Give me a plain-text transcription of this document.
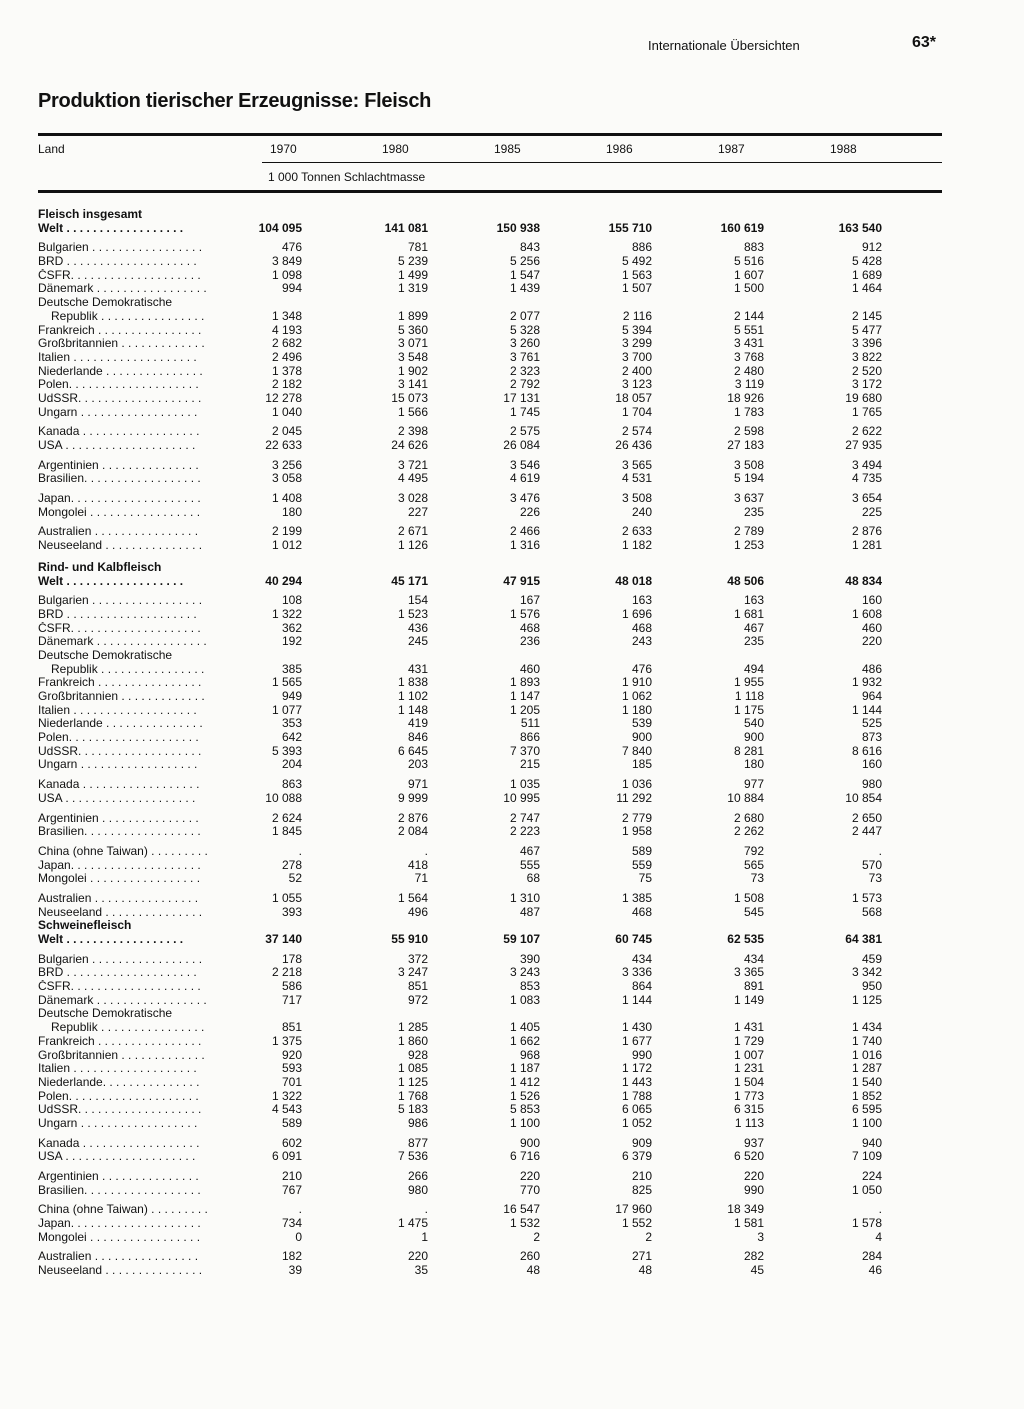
Internationale Übersichten	63*
Produktion tierischer Erzeugnisse: Fleisch
Land	1970	1980	1985	1986	1987	1988
1 000 Tonnen Schlachtmasse
Fleisch insgesamt
Welt . . . . . . . . . . . . . . . . . .	104 095	141 081	150 938	155 710	160 619	163 540
Bulgarien . . . . . . . . . . . . . . . . .	476	781	843	886	883	912
BRD . . . . . . . . . . . . . . . . . . . .	3 849	5 239	5 256	5 492	5 516	5 428
ČSFR. . . . . . . . . . . . . . . . . . . .	1 098	1 499	1 547	1 563	1 607	1 689
Dänemark . . . . . . . . . . . . . . . . .	994	1 319	1 439	1 507	1 500	1 464
Deutsche Demokratische
Republik . . . . . . . . . . . . . . . .	1 348	1 899	2 077	2 116	2 144	2 145
Frankreich . . . . . . . . . . . . . . . .	4 193	5 360	5 328	5 394	5 551	5 477
Großbritannien . . . . . . . . . . . . .	2 682	3 071	3 260	3 299	3 431	3 396
Italien . . . . . . . . . . . . . . . . . . .	2 496	3 548	3 761	3 700	3 768	3 822
Niederlande . . . . . . . . . . . . . . .	1 378	1 902	2 323	2 400	2 480	2 520
Polen. . . . . . . . . . . . . . . . . . . .	2 182	3 141	2 792	3 123	3 119	3 172
UdSSR. . . . . . . . . . . . . . . . . . .	12 278	15 073	17 131	18 057	18 926	19 680
Ungarn . . . . . . . . . . . . . . . . . .	1 040	1 566	1 745	1 704	1 783	1 765
Kanada . . . . . . . . . . . . . . . . . .	2 045	2 398	2 575	2 574	2 598	2 622
USA . . . . . . . . . . . . . . . . . . . .	22 633	24 626	26 084	26 436	27 183	27 935
Argentinien . . . . . . . . . . . . . . .	3 256	3 721	3 546	3 565	3 508	3 494
Brasilien. . . . . . . . . . . . . . . . . .	3 058	4 495	4 619	4 531	5 194	4 735
Japan. . . . . . . . . . . . . . . . . . . .	1 408	3 028	3 476	3 508	3 637	3 654
Mongolei . . . . . . . . . . . . . . . . .	180	227	226	240	235	225
Australien . . . . . . . . . . . . . . . .	2 199	2 671	2 466	2 633	2 789	2 876
Neuseeland . . . . . . . . . . . . . . .	1 012	1 126	1 316	1 182	1 253	1 281
Rind- und Kalbfleisch
Welt . . . . . . . . . . . . . . . . . .	40 294	45 171	47 915	48 018	48 506	48 834
Bulgarien . . . . . . . . . . . . . . . . .	108	154	167	163	163	160
BRD . . . . . . . . . . . . . . . . . . . .	1 322	1 523	1 576	1 696	1 681	1 608
ČSFR. . . . . . . . . . . . . . . . . . . .	362	436	468	468	467	460
Dänemark . . . . . . . . . . . . . . . . .	192	245	236	243	235	220
Deutsche Demokratische
Republik . . . . . . . . . . . . . . . .	385	431	460	476	494	486
Frankreich . . . . . . . . . . . . . . . .	1 565	1 838	1 893	1 910	1 955	1 932
Großbritannien . . . . . . . . . . . . .	949	1 102	1 147	1 062	1 118	964
Italien . . . . . . . . . . . . . . . . . . .	1 077	1 148	1 205	1 180	1 175	1 144
Niederlande . . . . . . . . . . . . . . .	353	419	511	539	540	525
Polen. . . . . . . . . . . . . . . . . . . .	642	846	866	900	900	873
UdSSR. . . . . . . . . . . . . . . . . . .	5 393	6 645	7 370	7 840	8 281	8 616
Ungarn . . . . . . . . . . . . . . . . . .	204	203	215	185	180	160
Kanada . . . . . . . . . . . . . . . . . .	863	971	1 035	1 036	977	980
USA . . . . . . . . . . . . . . . . . . . .	10 088	9 999	10 995	11 292	10 884	10 854
Argentinien . . . . . . . . . . . . . . .	2 624	2 876	2 747	2 779	2 680	2 650
Brasilien. . . . . . . . . . . . . . . . . .	1 845	2 084	2 223	1 958	2 262	2 447
China (ohne Taiwan) . . . . . . . . .	.	.	467	589	792	.
Japan. . . . . . . . . . . . . . . . . . . .	278	418	555	559	565	570
Mongolei . . . . . . . . . . . . . . . . .	52	71	68	75	73	73
Australien . . . . . . . . . . . . . . . .	1 055	1 564	1 310	1 385	1 508	1 573
Neuseeland . . . . . . . . . . . . . . .	393	496	487	468	545	568
Schweinefleisch
Welt . . . . . . . . . . . . . . . . . .	37 140	55 910	59 107	60 745	62 535	64 381
Bulgarien . . . . . . . . . . . . . . . . .	178	372	390	434	434	459
BRD . . . . . . . . . . . . . . . . . . . .	2 218	3 247	3 243	3 336	3 365	3 342
ČSFR. . . . . . . . . . . . . . . . . . . .	586	851	853	864	891	950
Dänemark . . . . . . . . . . . . . . . . .	717	972	1 083	1 144	1 149	1 125
Deutsche Demokratische
Republik . . . . . . . . . . . . . . . .	851	1 285	1 405	1 430	1 431	1 434
Frankreich . . . . . . . . . . . . . . . .	1 375	1 860	1 662	1 677	1 729	1 740
Großbritannien . . . . . . . . . . . . .	920	928	968	990	1 007	1 016
Italien . . . . . . . . . . . . . . . . . . .	593	1 085	1 187	1 172	1 231	1 287
Niederlande. . . . . . . . . . . . . . .	701	1 125	1 412	1 443	1 504	1 540
Polen. . . . . . . . . . . . . . . . . . . .	1 322	1 768	1 526	1 788	1 773	1 852
UdSSR. . . . . . . . . . . . . . . . . . .	4 543	5 183	5 853	6 065	6 315	6 595
Ungarn . . . . . . . . . . . . . . . . . .	589	986	1 100	1 052	1 113	1 100
Kanada . . . . . . . . . . . . . . . . . .	602	877	900	909	937	940
USA . . . . . . . . . . . . . . . . . . . .	6 091	7 536	6 716	6 379	6 520	7 109
Argentinien . . . . . . . . . . . . . . .	210	266	220	210	220	224
Brasilien. . . . . . . . . . . . . . . . . .	767	980	770	825	990	1 050
China (ohne Taiwan) . . . . . . . . .	.	.	16 547	17 960	18 349	.
Japan. . . . . . . . . . . . . . . . . . . .	734	1 475	1 532	1 552	1 581	1 578
Mongolei . . . . . . . . . . . . . . . . .	0	1	2	2	3	4
Australien . . . . . . . . . . . . . . . .	182	220	260	271	282	284
Neuseeland . . . . . . . . . . . . . . .	39	35	48	48	45	46
